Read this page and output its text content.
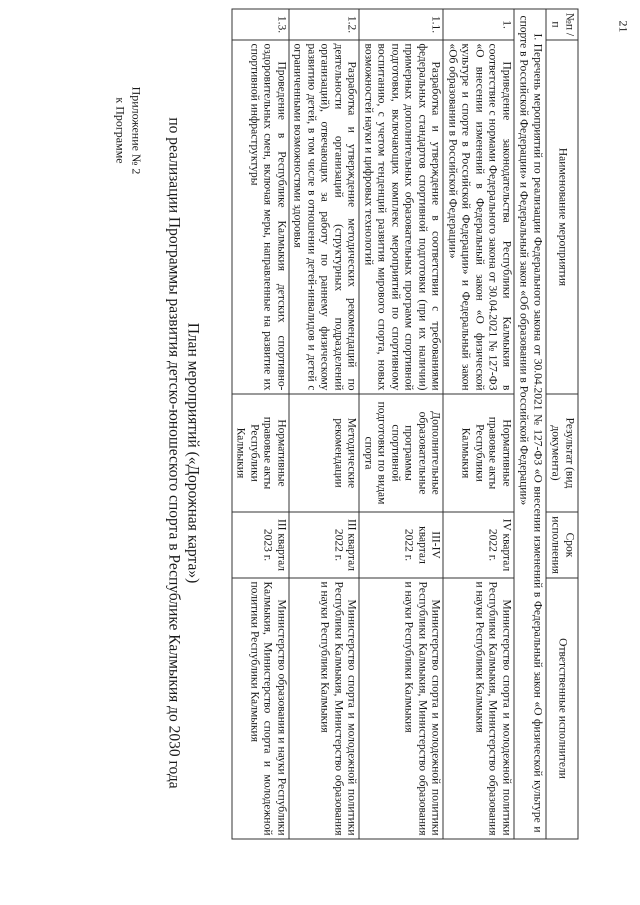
21
Приложение № 2
к Программе
План мероприятий («Дорожная карта»)
по реализации Программы развития детско-юношеского спорта в Республике Калмыкия до 2030 года
№п /п	Наименование мероприятия	Результат (вид документа)	Срок исполнения	Ответственные исполнители
I. Перечень мероприятий по реализации Федерального закона от 30.04.2021 № 127-ФЗ «О внесении изменений в Федеральный закон «О физической культуре и спорте в Российской Федерации» и Федеральный закон «Об образовании в Российской Федерации»				
1.	Приведение законодательства Республики Калмыкия в соответствие с нормами Федерального закона от 30.04.2021 № 127-ФЗ «О внесении изменений в Федеральный закон «О физической культуре и спорте в Российской Федерации» и Федеральный закон «Об образовании в Российской Федерации»	Нормативные правовые акты Республики Калмыкия	IV квартал 2022 г.	Министерство спорта и молодежной политики Республики Калмыкия, Министерство образования и науки Республики Калмыкия
1.1.	Разработка и утверждение в соответствии с требованиями федеральных стандартов спортивной подготовки (при их наличии) примерных дополнительных образовательных программ спортивной подготовки, включающих комплекс мероприятий по спортивному воспитанию, с учетом тенденций развития мирового спорта, новых возможностей науки и цифровых технологий	Дополнительные образовательные программы спортивной подготовки по видам спорта	III-IV квартал 2022 г.	Министерство спорта и молодежной политики Республики Калмыкия, Министерство образования и науки Республики Калмыкия
1.2.	Разработка и утверждение методических рекомендаций по деятельности организаций (структурных подразделений организаций), отвечающих за работу по раннему физическому развитию детей, в том числе в отношении детей-инвалидов и детей с ограниченными возможностями здоровья	Методические рекомендации	III квартал 2022 г.	Министерство спорта и молодежной политики Республики Калмыкия, Министерство образования и науки Республики Калмыкия
1.3.	Проведение в Республике Калмыкия детских спортивно-оздоровительных смен, включая меры, направленные на развитие их спортивной инфраструктуры	Нормативные правовые акты Республики Калмыкия	III квартал 2023 г.	Министерство образования и науки Республики Калмыкия, Министерство спорта и молодежной политики Республики Калмыкия
